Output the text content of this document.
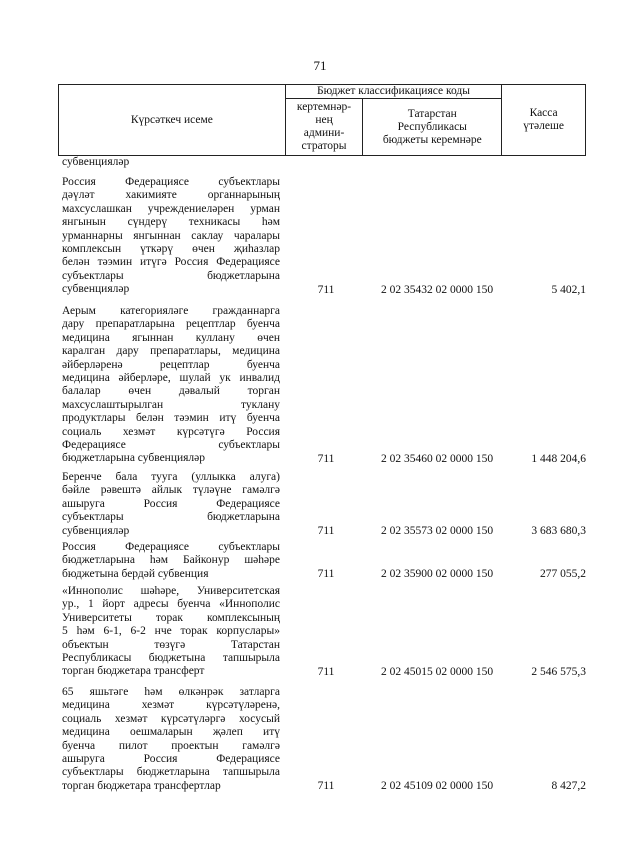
71
Күрсәткеч исеме	Бюджет классификациясе коды		Касса
үтәлеше
	кертемнәр-
нең
админи-
страторы	Татарстан
Республикасы
бюджеты керемнәре	
субвенцияләр
Россия Федерациясе субъектлары
дәүләт хакимияте органнарының
махсуслашкан учреждениеләрен урман
янгынын сүндерү техникасы һәм
урманнарны янгыннан саклау чаралары
комплексын үткәрү өчен җиһазлар
белән тәэмин итүгә Россия Федерациясе
субъектлары бюджетларына
субвенцияләр	711	2 02 35432 02 0000 150	5 402,1
Аерым категорияләге гражданнарга
дару препаратларына рецептлар буенча
медицина ягыннан куллану өчен
каралган дару препаратлары, медицина
әйберләренә рецептлар буенча
медицина әйберләре, шулай ук инвалид
балалар өчен дәвалый торган
махсуслаштырылган туклану
продуктлары белән тәэмин итү буенча
социаль хезмәт күрсәтүгә Россия
Федерациясе субъектлары
бюджетларына субвенцияләр	711	2 02 35460 02 0000 150	1 448 204,6
Беренче бала тууга (уллыкка алуга)
бәйле рәвештә айлык түләүне гамәлгә
ашыруга Россия Федерациясе
субъектлары бюджетларына
субвенцияләр	711	2 02 35573 02 0000 150	3 683 680,3
Россия Федерациясе субъектлары
бюджетларына һәм Байконур шәһәре
бюджетына бердәй субвенция	711	2 02 35900 02 0000 150	277 055,2
«Иннополис шәһәре, Университетская
ур., 1 йорт адресы буенча «Иннополис
Университеты торак комплексының
5 һәм 6-1, 6-2 нче торак корпуслары»
объектын төзүгә Татарстан
Республикасы бюджетына тапшырыла
торган бюджетара трансферт	711	2 02 45015 02 0000 150	2 546 575,3
65 яшьтәге һәм өлкәнрәк затларга
медицина хезмәт күрсәтүләренә,
социаль хезмәт күрсәтүләргә хосусый
медицина оешмаларын җәлеп итү
буенча пилот проектын гамәлгә
ашыруга Россия Федерациясе
субъектлары бюджетларына тапшырыла
торган бюджетара трансфертлар	711	2 02 45109 02 0000 150	8 427,2
